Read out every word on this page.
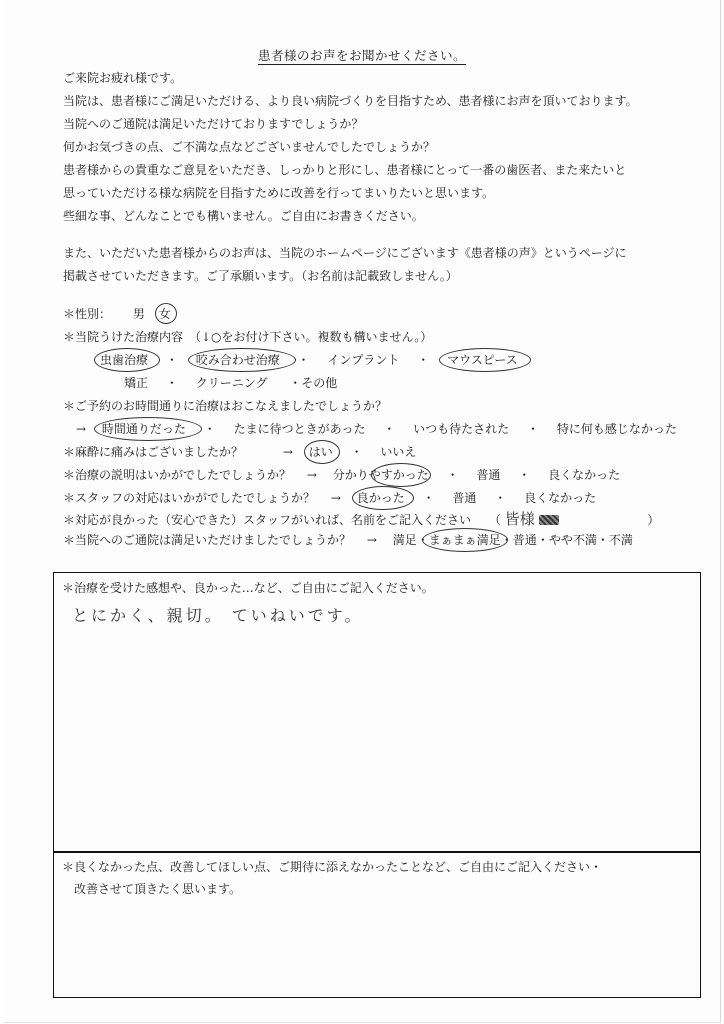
患者様のお声をお聞かせください。
ご来院お疲れ様です。
当院は、患者様にご満足いただける、より良い病院づくりを目指すため、患者様にお声を頂いております。
当院へのご通院は満足いただけておりますでしょうか？
何かお気づきの点、ご不満な点などございませんでしたでしょうか？
患者様からの貴重なご意見をいただき、しっかりと形にし、患者様にとって一番の歯医者、また来たいと
思っていただける様な病院を目指すために改善を行ってまいりたいと思います。
些細な事、どんなことでも構いません。ご自由にお書きください。
また、いただいた患者様からのお声は、当院のホームページにございます《患者様の声》というページに
掲載させていただきます。ご了承願います。（お名前は記載致しません。）
＊性別： 男 女
＊当院うけた治療内容　（↓○をお付け下さい。複数も構いません。）
虫歯治療 ・ 咬み合わせ治療 ・ インプラント ・ マウスピース
矯正 ・ クリーニング ・その他
＊ご予約のお時間通りに治療はおこなえましたでしょうか？
→ 時間通りだった ・ たまに待つときがあった ・ いつも待たされた ・ 特に何も感じなかった
＊麻酔に痛みはございましたか？	→ はい ・ いいえ
＊治療の説明はいかがでしたでしょうか？ → 分かりやすかった ・ 普通 ・ 良くなかった
＊スタッフの対応はいかがでしたでしょうか？ → 良かった ・ 普通 ・ 良くなかった
＊対応が良かった（安心できた）スタッフがいれば、名前をご記入ください （ 皆様	）
＊当院へのご通院は満足いただけましたでしょうか？ → 満足・まぁまぁ満足
・普通・やや不満・不満
＊治療を受けた感想や、良かった…など、ご自由にご記入ください。
とにかく、親切。 ていねいです。
＊良くなかった点、改善してほしい点、ご期待に添えなかったことなど、ご自由にご記入ください・
改善させて頂きたく思います。
